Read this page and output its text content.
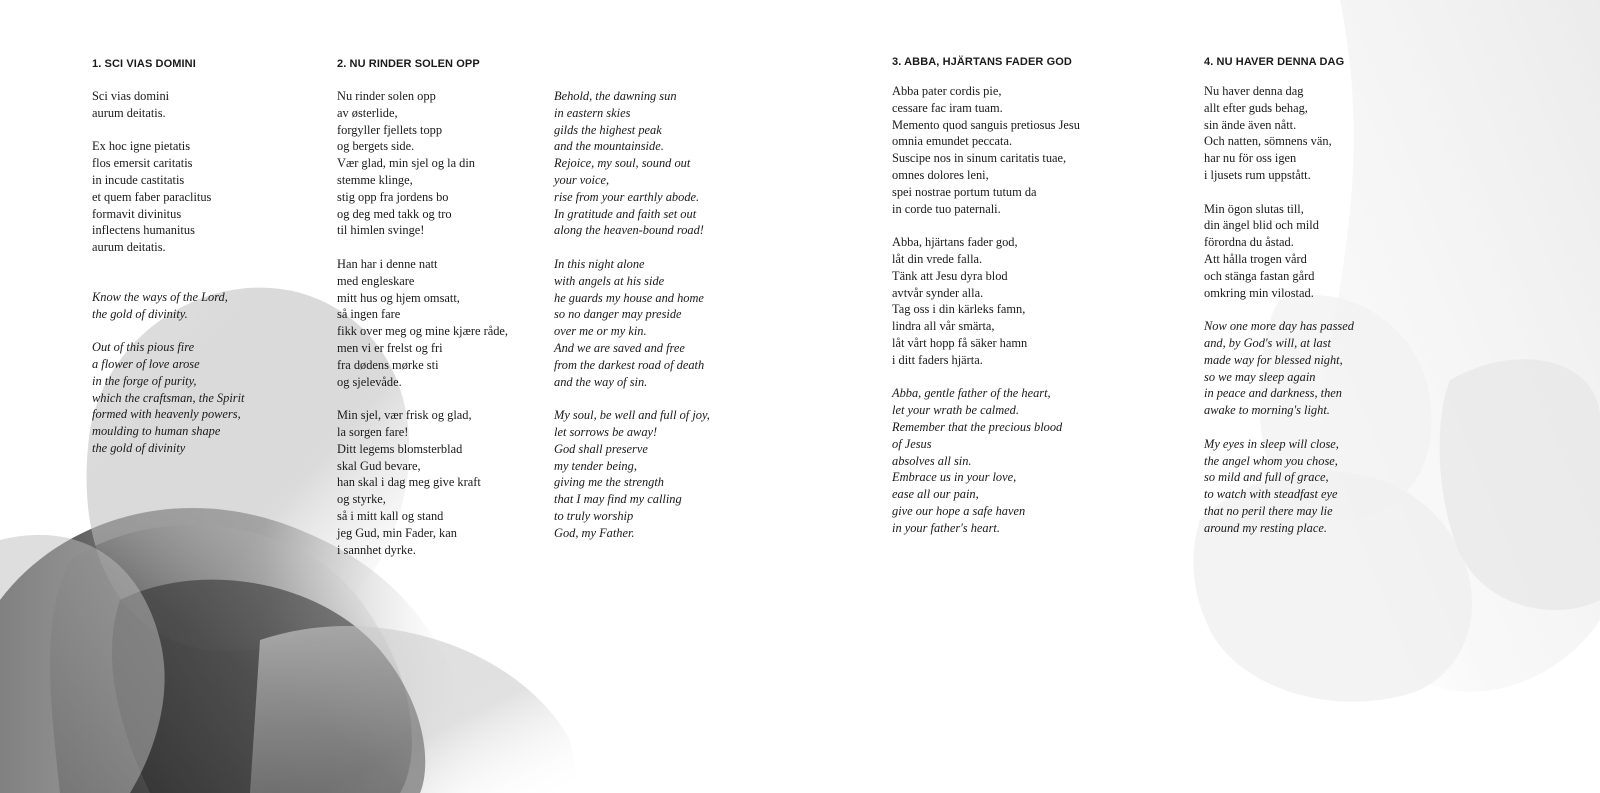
1. SCI VIAS DOMINI
Sci vias domini
aurum deitatis.
Ex hoc igne pietatis
flos emersit caritatis
in incude castitatis
et quem faber paraclitus
formavit divinitus
inflectens humanitus
aurum deitatis.
Know the ways of the Lord,
the gold of divinity.
Out of this pious fire
a flower of love arose
in the forge of purity,
which the craftsman, the Spirit
formed with heavenly powers,
moulding to human shape
the gold of divinity
2. NU RINDER SOLEN OPP
Nu rinder solen opp
av østerlide,
forgyller fjellets topp
og bergets side.
Vær glad, min sjel og la din
stemme klinge,
stig opp fra jordens bo
og deg med takk og tro
til himlen svinge!
Han har i denne natt
med engleskare
mitt hus og hjem omsatt,
så ingen fare
fikk over meg og mine kjære råde,
men vi er frelst og fri
fra dødens mørke sti
og sjelevåde.
Min sjel, vær frisk og glad,
la sorgen fare!
Ditt legems blomsterblad
skal Gud bevare,
han skal i dag meg give kraft
og styrke,
så i mitt kall og stand
jeg Gud, min Fader, kan
i sannhet dyrke.
Behold, the dawning sun
in eastern skies
gilds the highest peak
and the mountainside.
Rejoice, my soul, sound out
your voice,
rise from your earthly abode.
In gratitude and faith set out
along the heaven-bound road!
In this night alone
with angels at his side
he guards my house and home
so no danger may preside
over me or my kin.
And we are saved and free
from the darkest road of death
and the way of sin.
My soul, be well and full of joy,
let sorrows be away!
God shall preserve
my tender being,
giving me the strength
that I may find my calling
to truly worship
God, my Father.
3. ABBA, HJÄRTANS FADER GOD
Abba pater cordis pie,
cessare fac iram tuam.
Memento quod sanguis pretiosus Jesu
omnia emundet peccata.
Suscipe nos in sinum caritatis tuae,
omnes dolores leni,
spei nostrae portum tutum da
in corde tuo paternali.
Abba, hjärtans fader god,
låt din vrede falla.
Tänk att Jesu dyra blod
avtvår synder alla.
Tag oss i din kärleks famn,
lindra all vår smärta,
låt vårt hopp få säker hamn
i ditt faders hjärta.
Abba, gentle father of the heart,
let your wrath be calmed.
Remember that the precious blood
of Jesus
absolves all sin.
Embrace us in your love,
ease all our pain,
give our hope a safe haven
in your father's heart.
4. NU HAVER DENNA DAG
Nu haver denna dag
allt efter guds behag,
sin ände även nått.
Och natten, sömnens vän,
har nu för oss igen
i ljusets rum uppstått.
Min ögon slutas till,
din ängel blid och mild
förordna du åstad.
Att hålla trogen vård
och stänga fastan gård
omkring min vilostad.
Now one more day has passed
and, by God's will, at last
made way for blessed night,
so we may sleep again
in peace and darkness, then
awake to morning's light.
My eyes in sleep will close,
the angel whom you chose,
so mild and full of grace,
to watch with steadfast eye
that no peril there may lie
around my resting place.
